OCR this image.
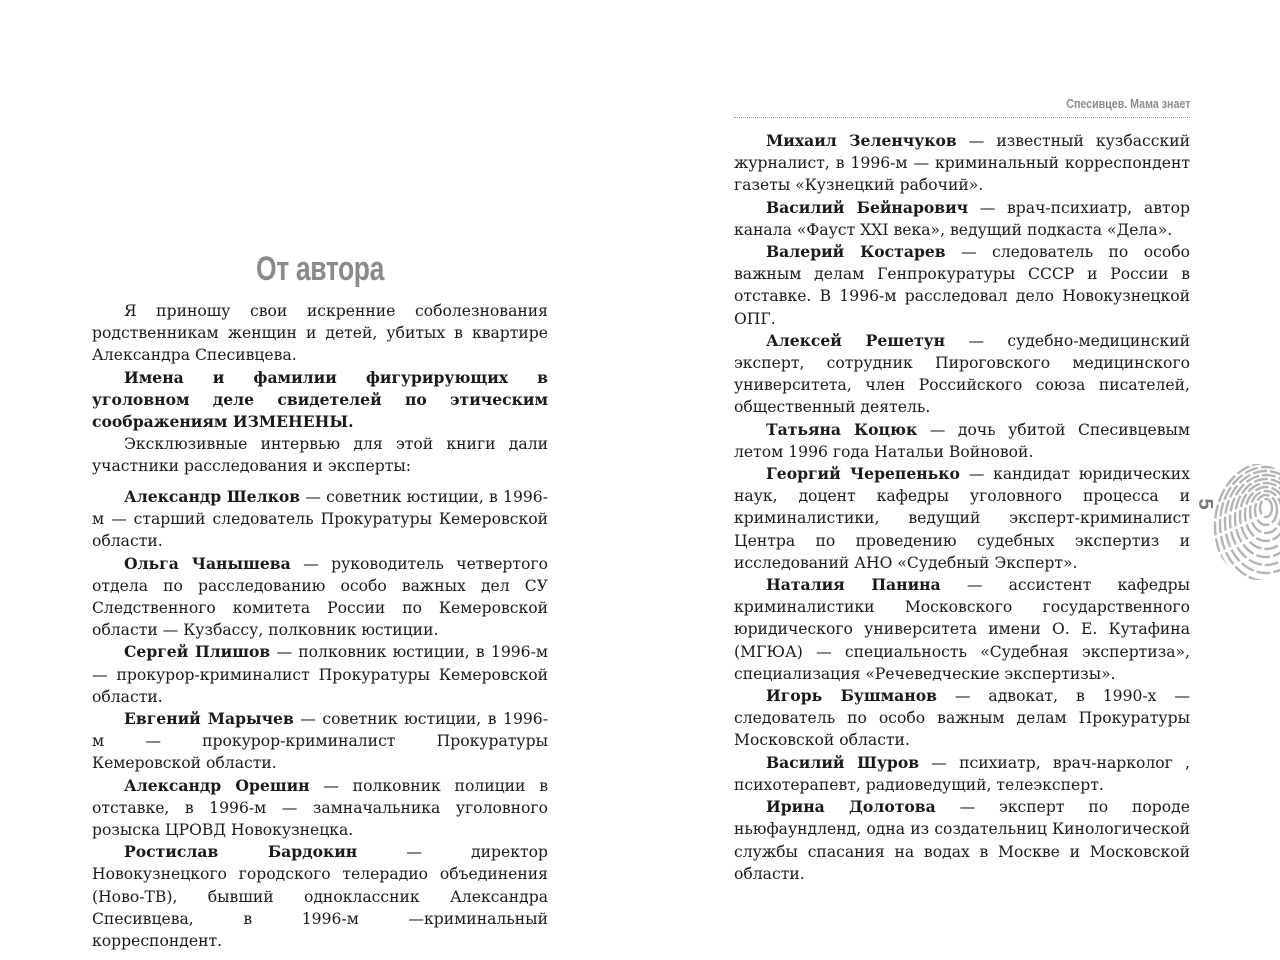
От автора

Я приношу свои искренние соболезнования родственникам женщин и детей, убитых в квартире Александра Спесивцева.

Имена и фамилии фигурирующих в уголовном деле свидетелей по этическим соображениям ИЗМЕНЕНЫ.

Эксклюзивные интервью для этой книги дали участники расследования и эксперты:

Александр Шелков — советник юстиции, в 1996-м — старший следователь Прокуратуры Кемеровской области.

Ольга Чанышева — руководитель четвертого отдела по расследованию особо важных дел СУ Следственного комитета России по Кемеровской области — Кузбассу, полковник юстиции.

Сергей Плишов — полковник юстиции, в 1996-м — прокурор-криминалист Прокуратуры Кемеровской области.

Евгений Марычев — советник юстиции, в 1996-м — прокурор-криминалист Прокуратуры Кемеровской области.

Александр Орешин — полковник полиции в отставке, в 1996-м — замначальника уголовного розыска ЦРОВД Новокузнецка.

Ростислав Бардокин — директор Новокузнецкого городского телерадио объединения (Ново-ТВ), бывший одноклассник Александра Спесивцева, в 1996-м —криминальный корреспондент.

Спесивцев. Мама знает

Михаил Зеленчуков — известный кузбасский журналист, в 1996-м — криминальный корреспондент газеты «Кузнецкий рабочий».

Василий Бейнарович — врач-психиатр, автор канала «Фауст XXI века», ведущий подкаста «Дела».

Валерий Костарев — следователь по особо важным делам Генпрокуратуры СССР и России в отставке. В 1996-м расследовал дело Новокузнецкой ОПГ.

Алексей Решетун — судебно-медицинский эксперт, сотрудник Пироговского медицинского университета, член Российского союза писателей, общественный деятель.

Татьяна Коцюк — дочь убитой Спесивцевым летом 1996 года Натальи Войновой.

Георгий Черепенько — кандидат юридических наук, доцент кафедры уголовного процесса и криминалистики, ведущий эксперт-криминалист Центра по проведению судебных экспертиз и исследований АНО «Судебный Эксперт».

Наталия Панина — ассистент кафедры криминалистики Московского государственного юридического университета имени О. Е. Кутафина (МГЮА) — специальность «Судебная экспертиза», специализация «Речеведческие экспертизы».

Игорь Бушманов — адвокат, в 1990-х — следователь по особо важным делам Прокуратуры Московской области.

Василий Шуров — психиатр, врач-нарколог , психотерапевт, радиоведущий, телеэксперт.

Ирина Долотова — эксперт по породе ньюфаундленд, одна из создательниц Кинологической службы спасания на водах в Москве и Московской области.

5
